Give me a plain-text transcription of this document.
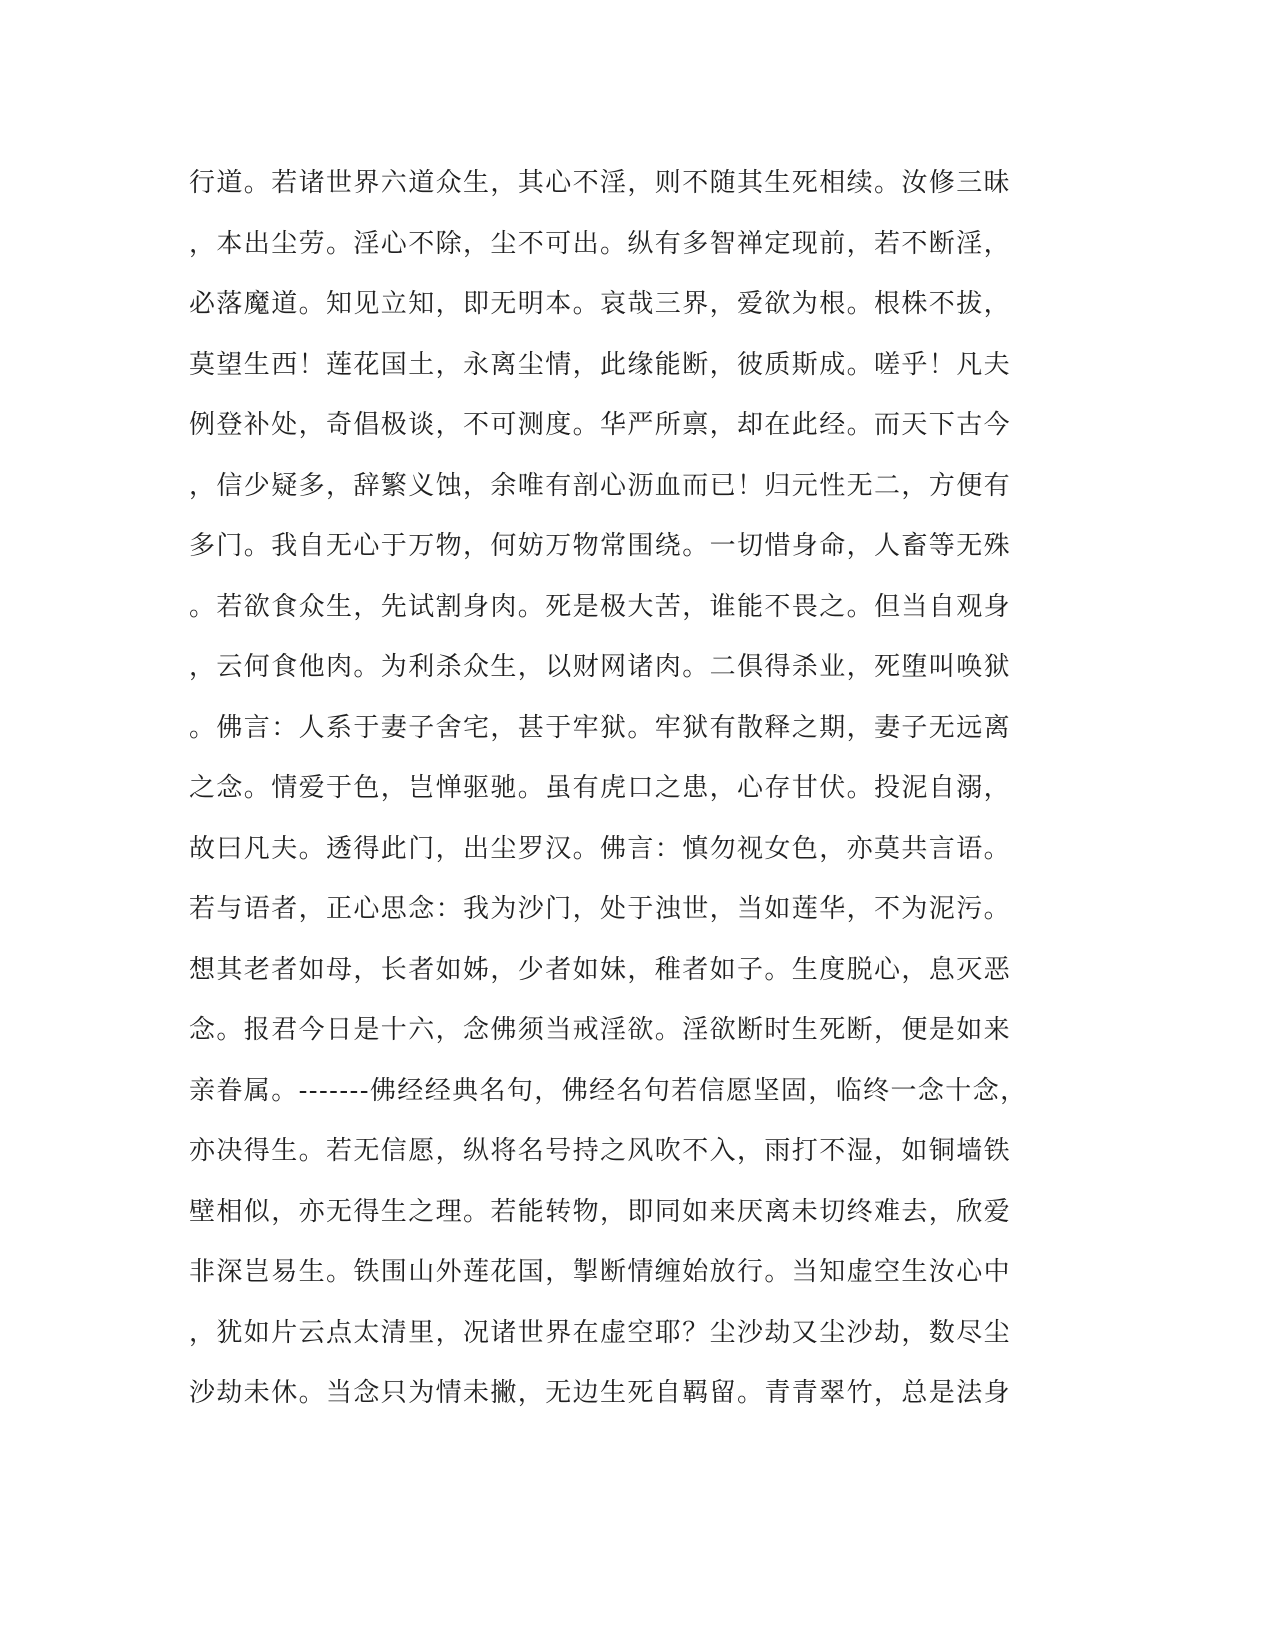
行道。若诸世界六道众生，其心不淫，则不随其生死相续。汝修三昧
，本出尘劳。淫心不除，尘不可出。纵有多智禅定现前，若不断淫，
必落魔道。知见立知，即无明本。哀哉三界，爱欲为根。根株不拔，
莫望生西！莲花国土，永离尘情，此缘能断，彼质斯成。嗟乎！凡夫
例登补处，奇倡极谈，不可测度。华严所禀，却在此经。而天下古今
，信少疑多，辞繁义蚀，余唯有剖心沥血而已！归元性无二，方便有
多门。我自无心于万物，何妨万物常围绕。一切惜身命，人畜等无殊
。若欲食众生，先试割身肉。死是极大苦，谁能不畏之。但当自观身
，云何食他肉。为利杀众生，以财网诸肉。二俱得杀业，死堕叫唤狱
。佛言：人系于妻子舍宅，甚于牢狱。牢狱有散释之期，妻子无远离
之念。情爱于色，岂惮驱驰。虽有虎口之患，心存甘伏。投泥自溺，
故曰凡夫。透得此门，出尘罗汉。佛言：慎勿视女色，亦莫共言语。
若与语者，正心思念：我为沙门，处于浊世，当如莲华，不为泥污。
想其老者如母，长者如姊，少者如妹，稚者如子。生度脱心，息灭恶
念。报君今日是十六，念佛须当戒淫欲。淫欲断时生死断，便是如来
亲眷属。-------佛经经典名句，佛经名句若信愿坚固，临终一念十念，
亦决得生。若无信愿，纵将名号持之风吹不入，雨打不湿，如铜墙铁
壁相似，亦无得生之理。若能转物，即同如来厌离未切终难去，欣爱
非深岂易生。铁围山外莲花国，掣断情缠始放行。当知虚空生汝心中
，犹如片云点太清里，况诸世界在虚空耶？尘沙劫又尘沙劫，数尽尘
沙劫未休。当念只为情未撇，无边生死自羁留。青青翠竹，总是法身
